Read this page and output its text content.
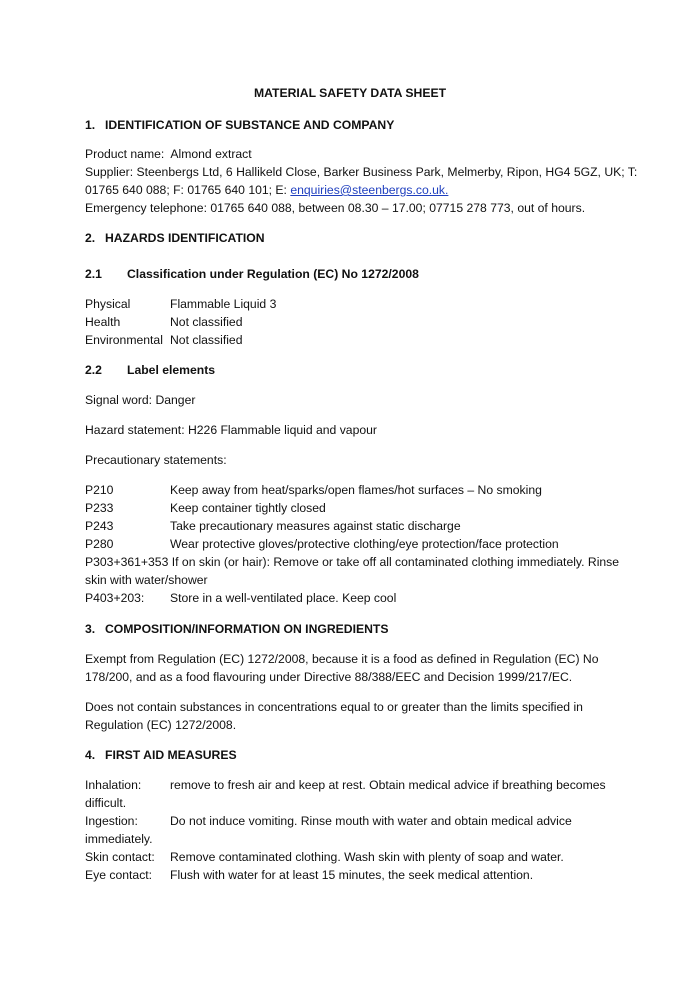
MATERIAL SAFETY DATA SHEET
1. IDENTIFICATION OF SUBSTANCE AND COMPANY
Product name: Almond extract
Supplier: Steenbergs Ltd, 6 Hallikeld Close, Barker Business Park, Melmerby, Ripon, HG4 5GZ, UK; T:
01765 640 088; F: 01765 640 101; E: enquiries@steenbergs.co.uk.
Emergency telephone: 01765 640 088, between 08.30 – 17.00; 07715 278 773, out of hours.
2. HAZARDS IDENTIFICATION
2.1 Classification under Regulation (EC) No 1272/2008
Physical	Flammable Liquid 3
Health	Not classified
Environmental Not classified
2.2 Label elements
Signal word: Danger
Hazard statement: H226 Flammable liquid and vapour
Precautionary statements:
P210	Keep away from heat/sparks/open flames/hot surfaces – No smoking
P233	Keep container tightly closed
P243	Take precautionary measures against static discharge
P280	Wear protective gloves/protective clothing/eye protection/face protection
P303+361+353 If on skin (or hair): Remove or take off all contaminated clothing immediately. Rinse
skin with water/shower
P403+203: Store in a well-ventilated place. Keep cool
3. COMPOSITION/INFORMATION ON INGREDIENTS
Exempt from Regulation (EC) 1272/2008, because it is a food as defined in Regulation (EC) No
178/200, and as a food flavouring under Directive 88/388/EEC and Decision 1999/217/EC.
Does not contain substances in concentrations equal to or greater than the limits specified in
Regulation (EC) 1272/2008.
4. FIRST AID MEASURES
Inhalation: remove to fresh air and keep at rest. Obtain medical advice if breathing becomes
difficult.
Ingestion:	Do not induce vomiting. Rinse mouth with water and obtain medical advice
immediately.
Skin contact: Remove contaminated clothing. Wash skin with plenty of soap and water.
Eye contact: Flush with water for at least 15 minutes, the seek medical attention.
